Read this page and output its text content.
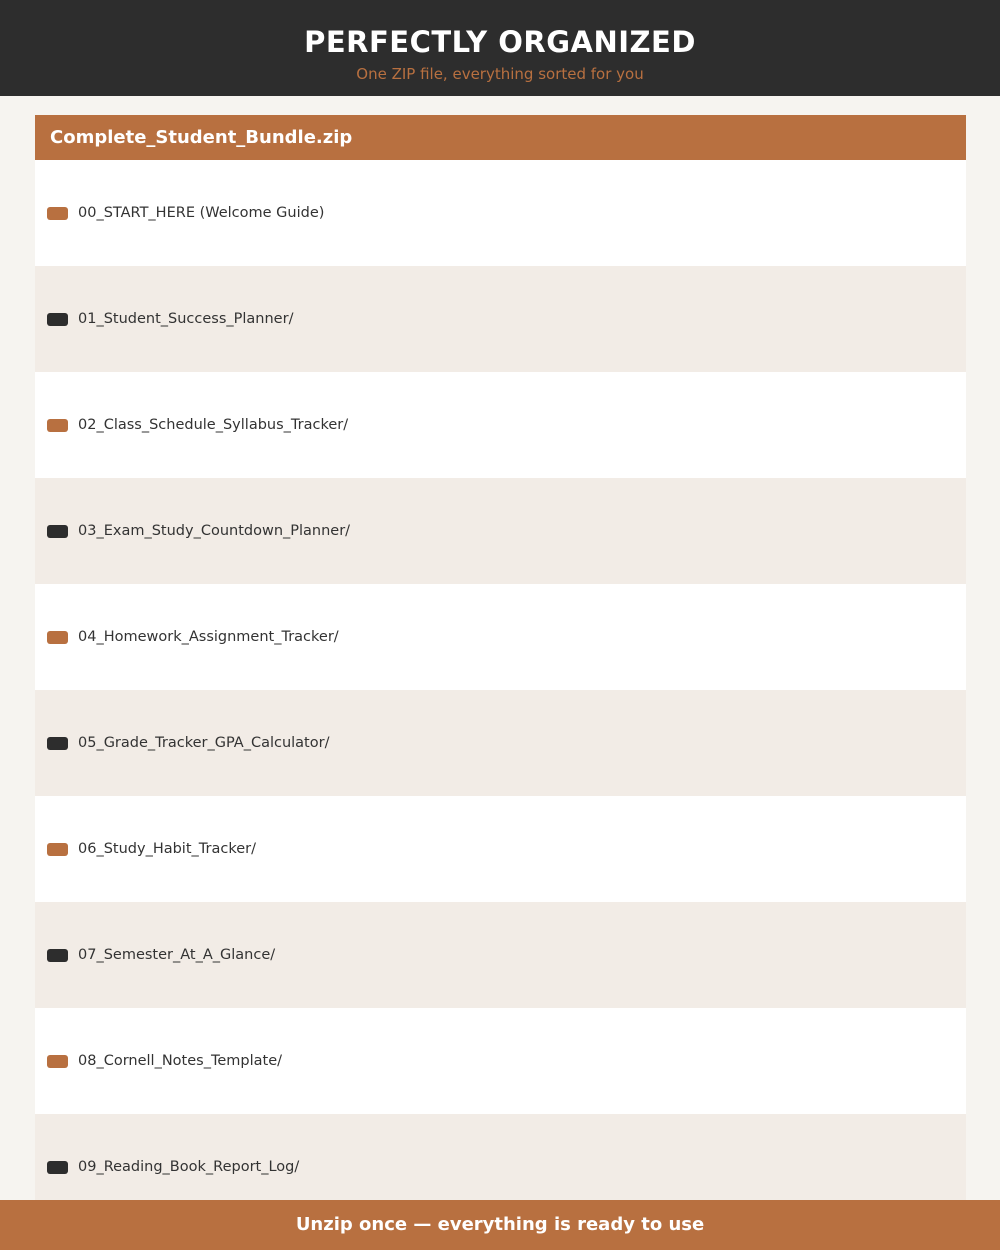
PERFECTLY ORGANIZED
One ZIP file, everything sorted for you
Complete_Student_Bundle.zip
00_START_HERE (Welcome Guide)
01_Student_Success_Planner/
02_Class_Schedule_Syllabus_Tracker/
03_Exam_Study_Countdown_Planner/
04_Homework_Assignment_Tracker/
05_Grade_Tracker_GPA_Calculator/
06_Study_Habit_Tracker/
07_Semester_At_A_Glance/
08_Cornell_Notes_Template/
09_Reading_Book_Report_Log/
Unzip once — everything is ready to use
